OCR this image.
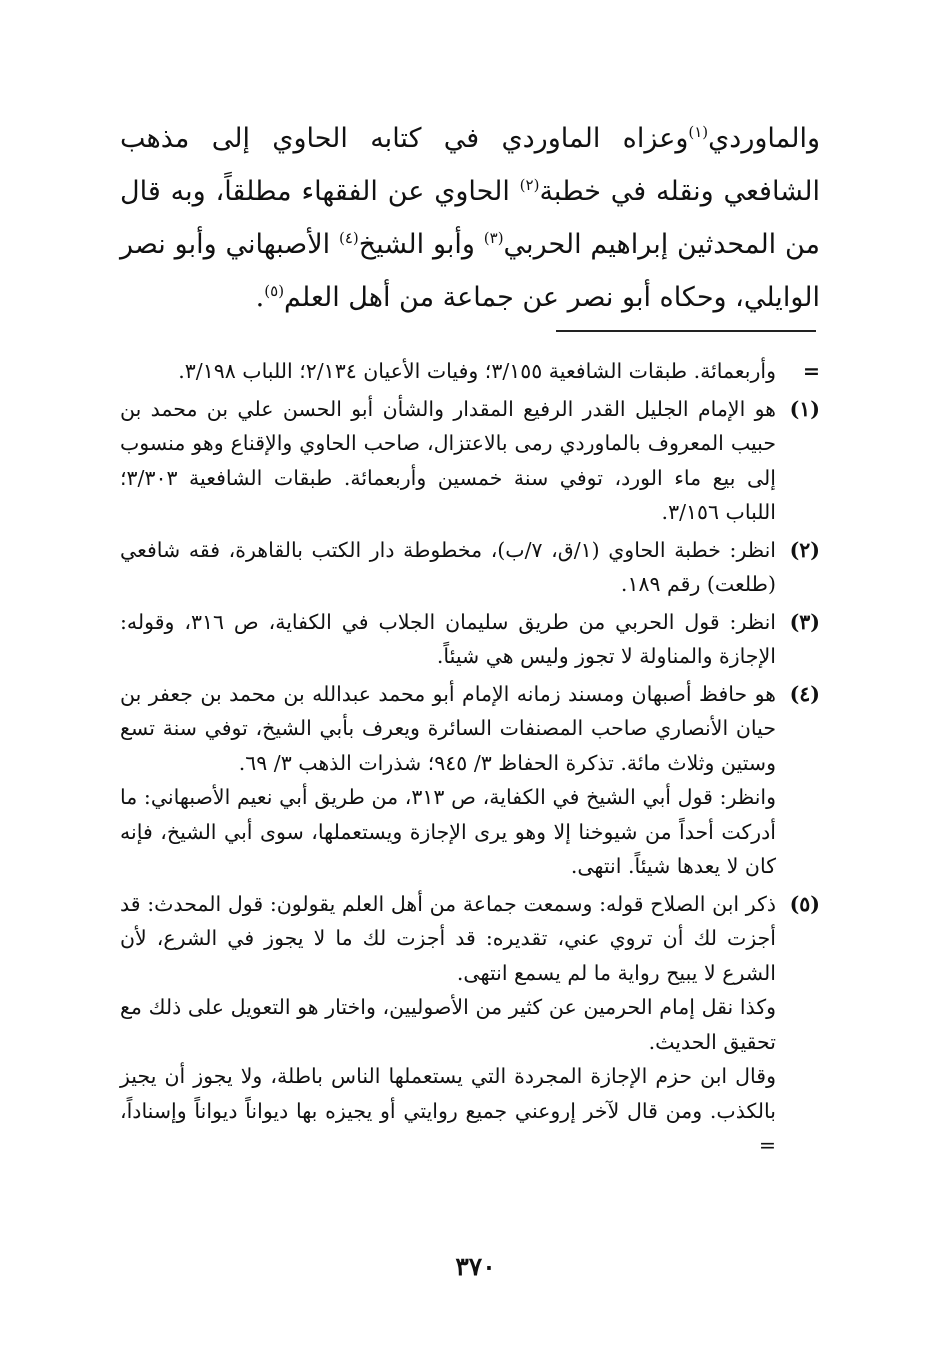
والماوردي$^{(١)}$وعزاه الماوردي في كتابه الحاوي إلى مذهب الشافعي ونقله في خطبة$^{(٢)}$ الحاوي عن الفقهاء مطلقاً، وبه قال من المحدثين إبراهيم الحربي$^{(٣)}$ وأبو الشيخ$^{(٤)}$ الأصبهاني وأبو نصر الوايلي، وحكاه أبو نصر عن جماعة من أهل العلم$^{(٥)}$.

=

وأربعمائة. طبقات الشافعية ٣/١٥٥؛ وفيات الأعيان ٢/١٣٤؛ اللباب ٣/١٩٨.

(١)

هو الإمام الجليل القدر الرفيع المقدار والشأن أبو الحسن علي بن محمد بن حبيب المعروف بالماوردي رمى بالاعتزال، صاحب الحاوي والإقناع وهو منسوب إلى بيع ماء الورد، توفي سنة خمسين وأربعمائة. طبقات الشافعية ٣/٣٠٣؛ اللباب ٣/١٥٦.

(٢)

انظر: خطبة الحاوي (١/ق، ٧/ب)، مخطوطة دار الكتب بالقاهرة، فقه شافعي (طلعت) رقم ١٨٩.

(٣)

انظر: قول الحربي من طريق سليمان الجلاب في الكفاية، ص ٣١٦، وقوله: الإجازة والمناولة لا تجوز وليس هي شيئاً.

(٤)

هو حافظ أصبهان ومسند زمانه الإمام أبو محمد عبدالله بن محمد بن جعفر بن حيان الأنصاري صاحب المصنفات السائرة ويعرف بأبي الشيخ، توفي سنة تسع وستين وثلاث مائة. تذكرة الحفاظ ٣/ ٩٤٥؛ شذرات الذهب ٣/ ٦٩.

وانظر: قول أبي الشيخ في الكفاية، ص ٣١٣، من طريق أبي نعيم الأصبهاني: ما أدركت أحداً من شيوخنا إلا وهو يرى الإجازة ويستعملها، سوى أبي الشيخ، فإنه كان لا يعدها شيئاً. انتهى.

(٥)

ذكر ابن الصلاح قوله: وسمعت جماعة من أهل العلم يقولون: قول المحدث: قد أجزت لك أن تروي عني، تقديره: قد أجزت لك ما لا يجوز في الشرع، لأن الشرع لا يبيح رواية ما لم يسمع انتهى.

وكذا نقل إمام الحرمين عن كثير من الأصوليين، واختار هو التعويل على ذلك مع تحقيق الحديث.

وقال ابن حزم الإجازة المجردة التي يستعملها الناس باطلة، ولا يجوز أن يجيز بالكذب. ومن قال لآخر إروعني جميع روايتي أو يجيزه بها ديواناً ديواناً وإسناداً، =

٣٧٠
